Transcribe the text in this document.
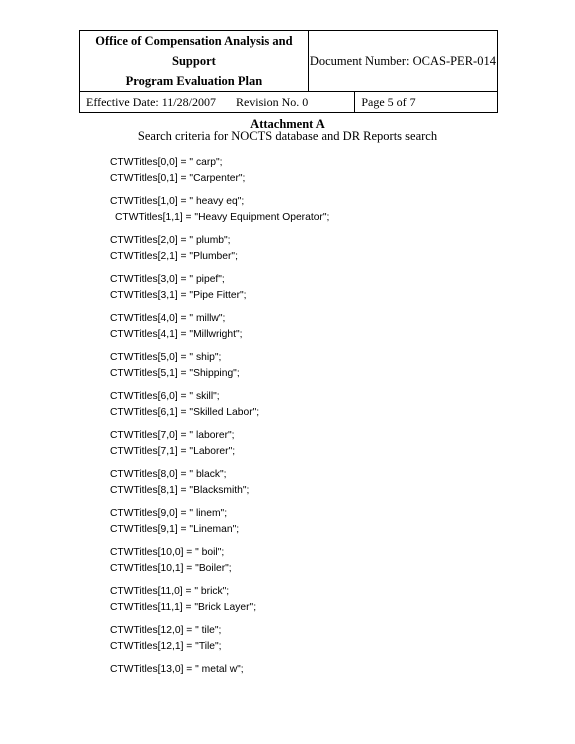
Office of Compensation Analysis and Support
Program Evaluation Plan	Document Number: OCAS-PER-014	
Effective Date: 11/28/2007 Revision No. 0		Page 5 of 7
Attachment A
Search criteria for NOCTS database and DR Reports search
CTWTitles[0,0] = " carp";
CTWTitles[0,1] = "Carpenter";
CTWTitles[1,0] = " heavy eq";
CTWTitles[1,1] = "Heavy Equipment Operator";
CTWTitles[2,0] = " plumb";
CTWTitles[2,1] = "Plumber";
CTWTitles[3,0] = " pipef";
CTWTitles[3,1] = "Pipe Fitter";
CTWTitles[4,0] = " millw";
CTWTitles[4,1] = "Millwright";
CTWTitles[5,0] = " ship";
CTWTitles[5,1] = "Shipping";
CTWTitles[6,0] = " skill";
CTWTitles[6,1] = "Skilled Labor";
CTWTitles[7,0] = " laborer";
CTWTitles[7,1] = "Laborer";
CTWTitles[8,0] = " black";
CTWTitles[8,1] = "Blacksmith";
CTWTitles[9,0] = " linem";
CTWTitles[9,1] = "Lineman";
CTWTitles[10,0] = " boil";
CTWTitles[10,1] = "Boiler";
CTWTitles[11,0] = " brick";
CTWTitles[11,1] = "Brick Layer";
CTWTitles[12,0] = " tile";
CTWTitles[12,1] = "Tile";
CTWTitles[13,0] = " metal w";
